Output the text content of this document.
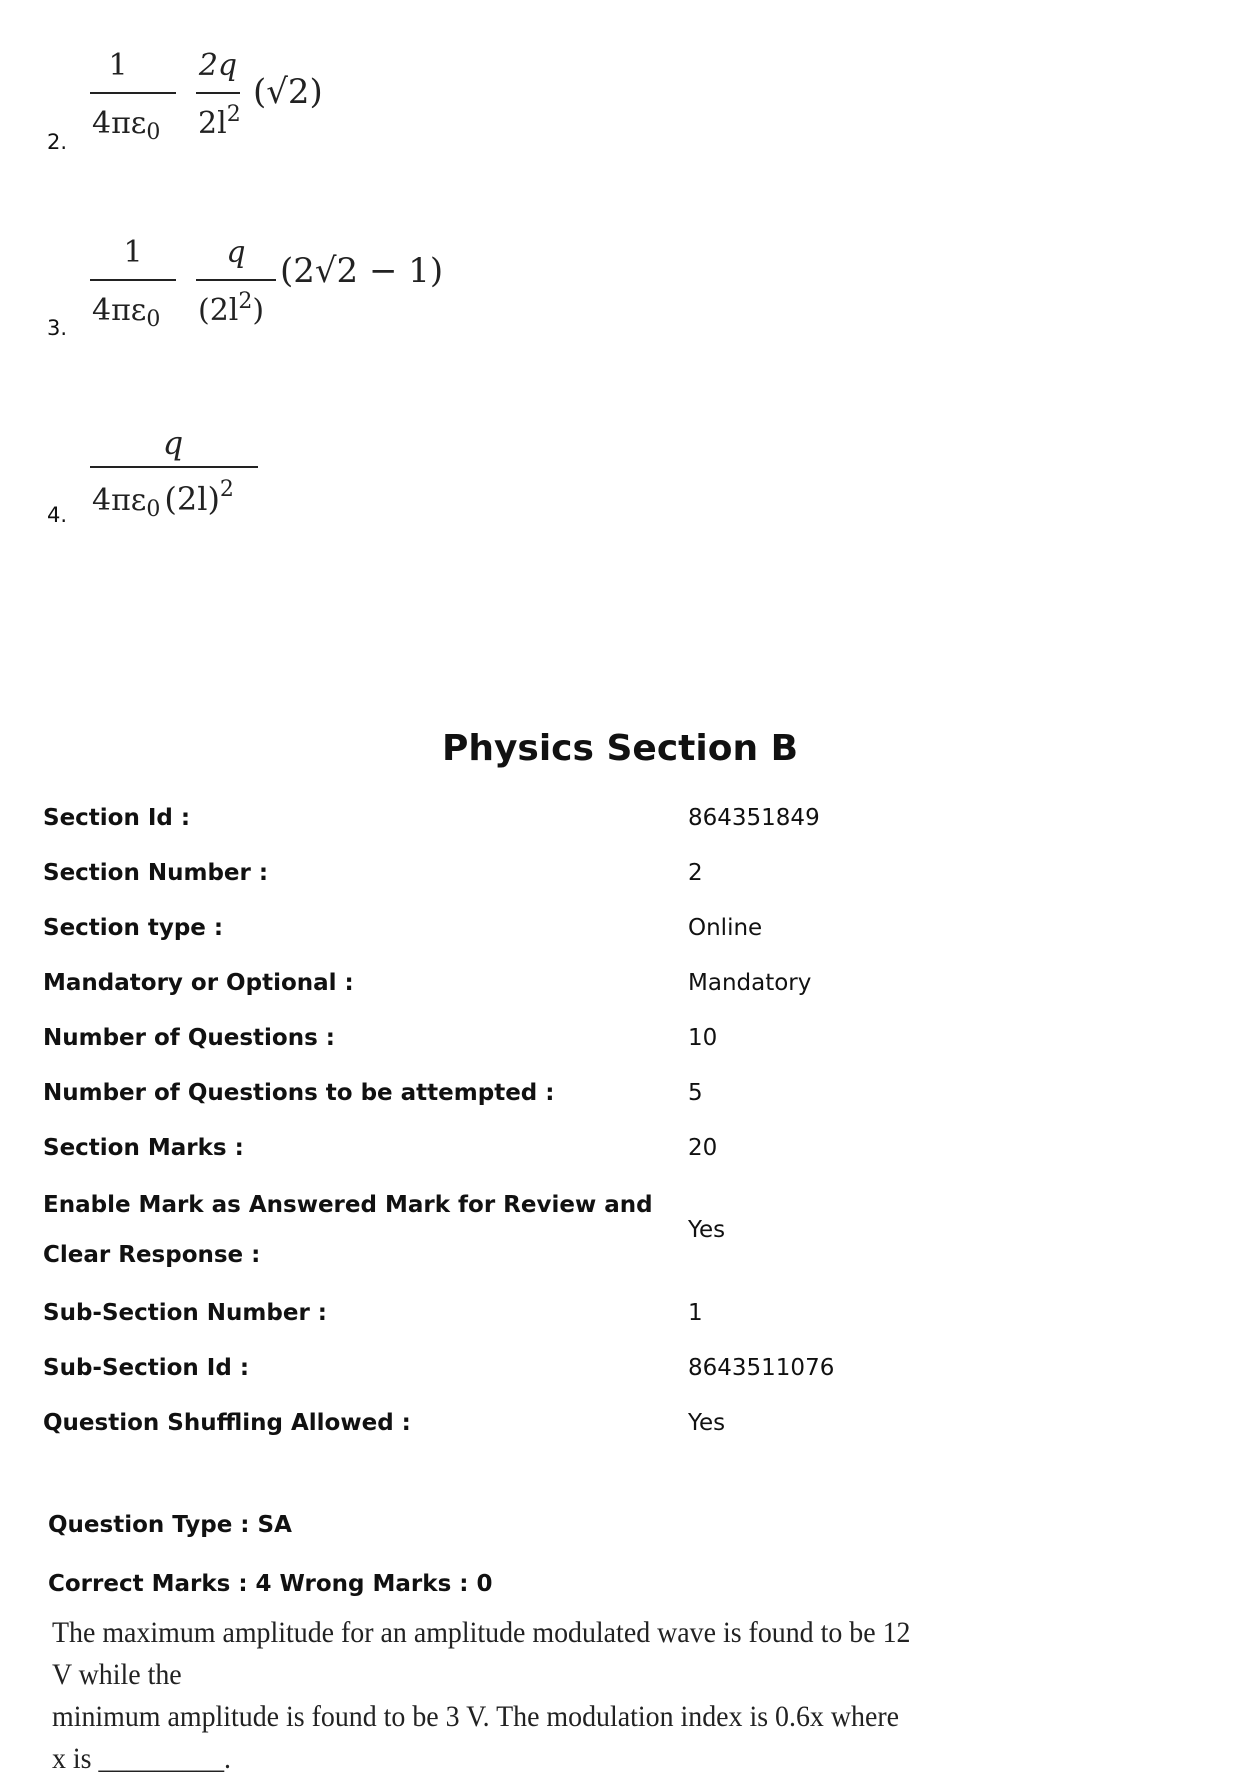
2.
1
$4\pi\varepsilon_0$
2q
$2l^2$
(√2)
3.
1
$4\pi\varepsilon_0$
q
$(2l^2)$
(2√2 − 1)
4.
q
$4\pi\varepsilon_0$ $(2l)^2$
Physics Section B
Section Id :	864351849
Section Number :	2
Section type :	Online
Mandatory or Optional :	Mandatory
Number of Questions :	10
Number of Questions to be attempted :	5
Section Marks :	20
Enable Mark as Answered Mark for Review and Clear Response :
Yes
Sub-Section Number :	1
Sub-Section Id :	8643511076
Question Shuffling Allowed :	Yes
Question Type : SA
Correct Marks : 4 Wrong Marks : 0
The maximum amplitude for an amplitude modulated wave is found to be 12 V while the
minimum amplitude is found to be 3 V. The modulation index is 0.6x where x is _________.
